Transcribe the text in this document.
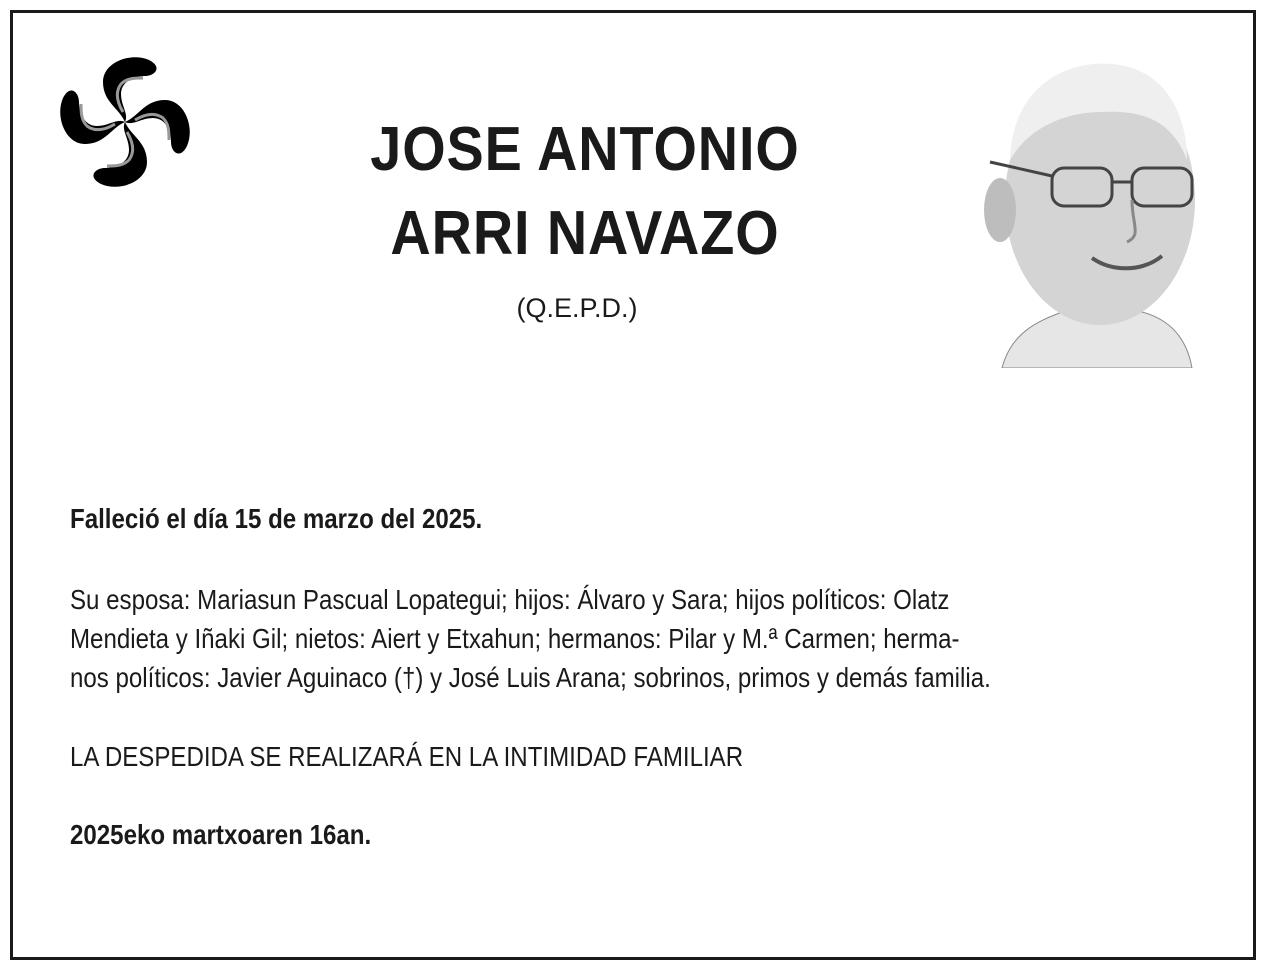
JOSE ANTONIO
ARRI NAVAZO
(Q.E.P.D.)
Falleció el día 15 de marzo del 2025.
Su esposa: Mariasun Pascual Lopategui; hijos: Álvaro y Sara; hijos políticos: Olatz
Mendieta y Iñaki Gil; nietos: Aiert y Etxahun; hermanos: Pilar y M.ª Carmen; herma-
nos políticos: Javier Aguinaco (†) y José Luis Arana; sobrinos, primos y demás familia.
LA DESPEDIDA SE REALIZARÁ EN LA INTIMIDAD FAMILIAR
2025eko martxoaren 16an.
